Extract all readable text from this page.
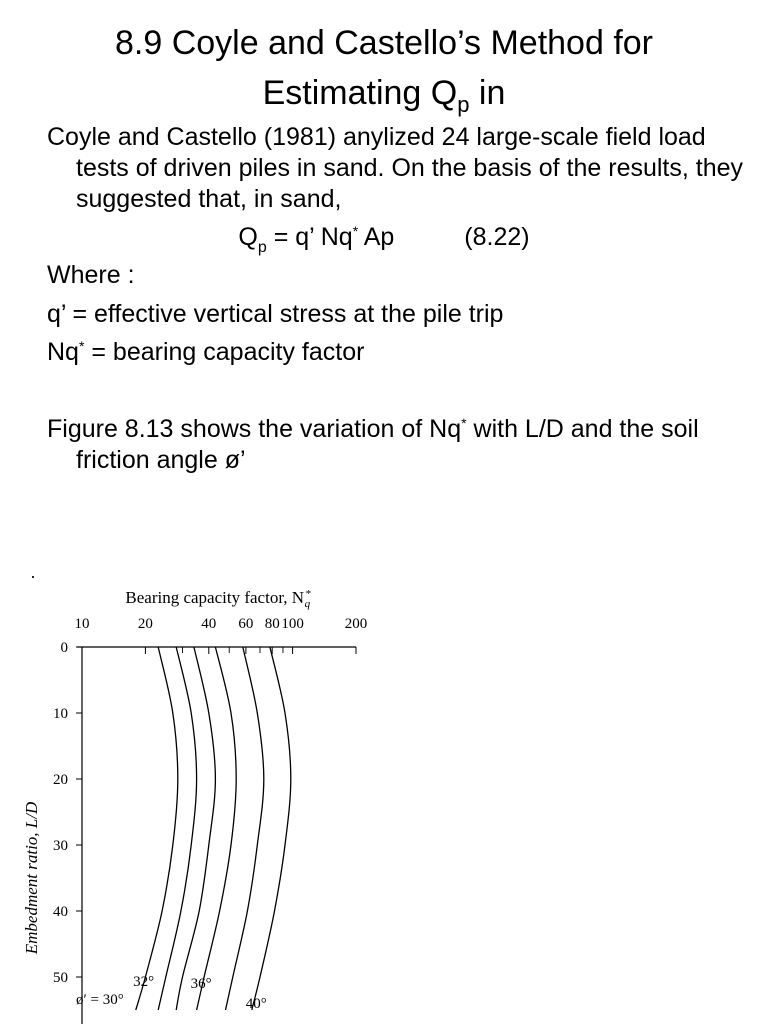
8.9 Coyle and Castello’s Method for
Estimating $Q_p$ in
Coyle and Castello (1981) anylized 24 large-scale field load tests of driven piles in sand. On the basis of the results, they suggested that, in sand,
$Q_p = q$’ Nq* Ap	(8.22)
Where :
q’ = effective vertical stress at the pile trip
Nq* = bearing capacity factor
Figure 8.13 shows the variation of Nq* with L/D and the soil friction angle ø’
·
Bearing capacity factor, N* q
Embedment ratio, L/D
10	20	40 60 80 100	200
0
10
20
30
40
50
ø′ = 30°
32° 36°
40°
